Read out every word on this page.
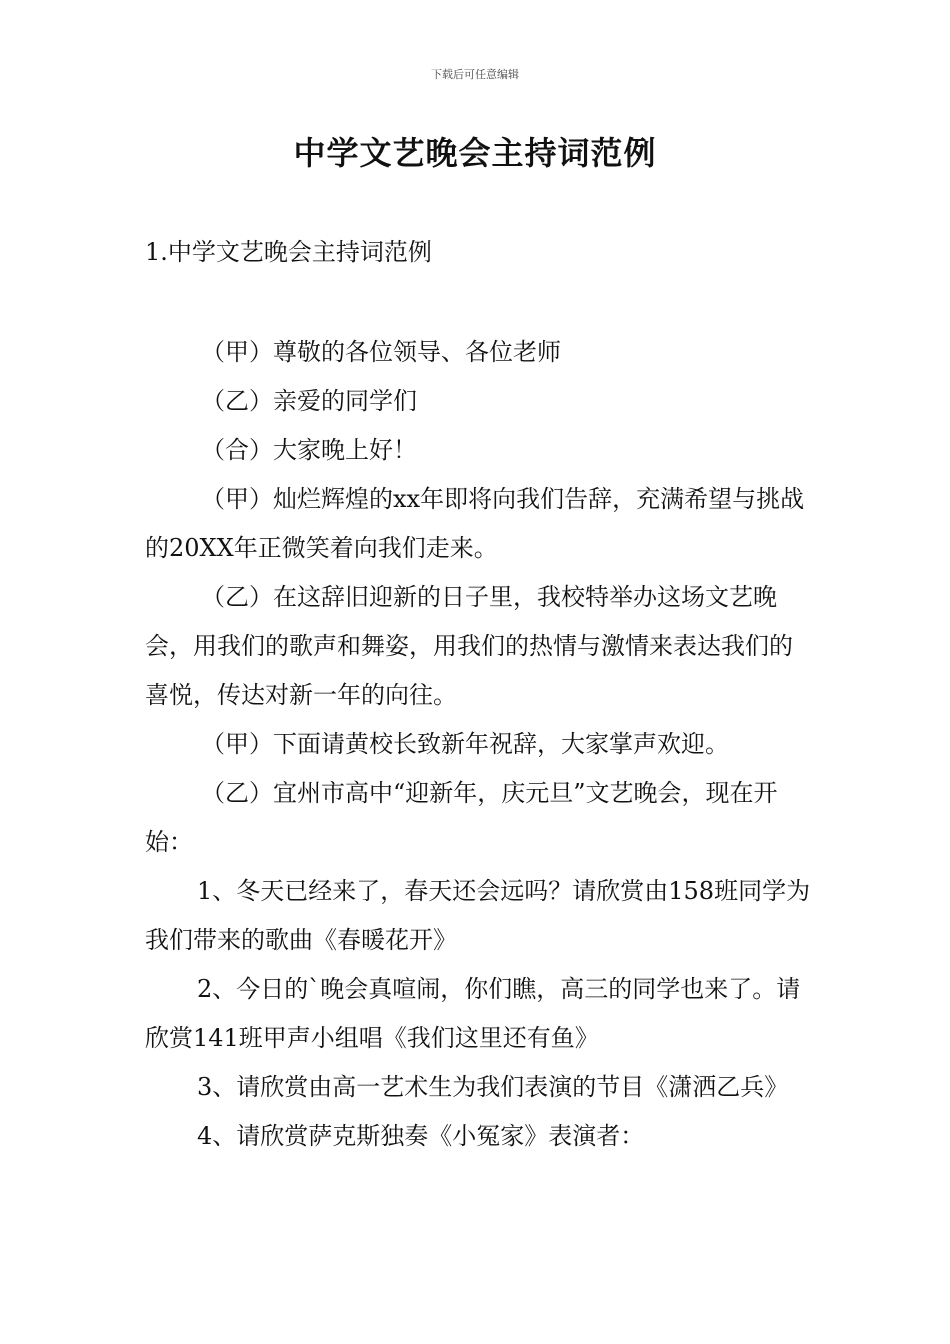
下载后可任意编辑
中学文艺晚会主持词范例

1.中学文艺晚会主持词范例

（甲）尊敬的各位领导、各位老师

（乙）亲爱的同学们

（合）大家晚上好！

（甲）灿烂辉煌的xx年即将向我们告辞，充满希望与挑战的20XX年正微笑着向我们走来。

（乙）在这辞旧迎新的日子里，我校特举办这场文艺晚会，用我们的歌声和舞姿，用我们的热情与激情来表达我们的喜悦，传达对新一年的向往。

（甲）下面请黄校长致新年祝辞，大家掌声欢迎。

（乙）宜州市高中“迎新年，庆元旦”文艺晚会，现在开始：

1、冬天已经来了，春天还会远吗？请欣赏由158班同学为我们带来的歌曲《春暖花开》

2、今日的`晚会真喧闹，你们瞧，高三的同学也来了。请欣赏141班甲声小组唱《我们这里还有鱼》

3、请欣赏由高一艺术生为我们表演的节目《潇洒乙兵》

4、请欣赏萨克斯独奏《小冤家》表演者：
